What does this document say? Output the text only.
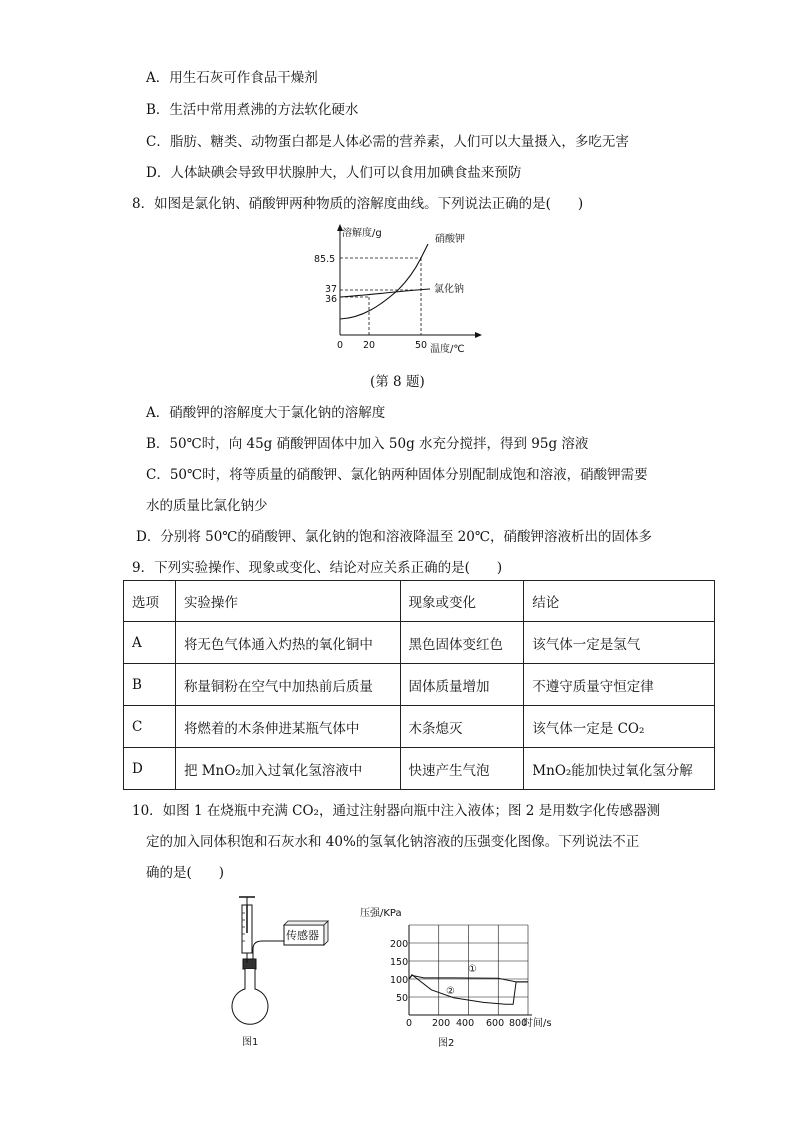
A．用生石灰可作食品干燥剂
B．生活中常用煮沸的方法软化硬水
C．脂肪、糖类、动物蛋白都是人体必需的营养素，人们可以大量摄入，多吃无害
D．人体缺碘会导致甲状腺肿大，人们可以食用加碘食盐来预防
8．如图是氯化钠、硝酸钾两种物质的溶解度曲线。下列说法正确的是(　　)
溶解度/g
温度/℃
85.5
37
36
0 20	50
硝酸钾
氯化钠
(第 8 题)
A．硝酸钾的溶解度大于氯化钠的溶解度
B．50℃时，向 45g 硝酸钾固体中加入 50g 水充分搅拌，得到 95g 溶液
C．50℃时，将等质量的硝酸钾、氯化钠两种固体分别配制成饱和溶液，硝酸钾需要
水的质量比氯化钠少
D．分别将 50℃的硝酸钾、氯化钠的饱和溶液降温至 20℃，硝酸钾溶液析出的固体多
9．下列实验操作、现象或变化、结论对应关系正确的是(　　)
选项	实验操作	现象或变化	结论
A	将无色气体通入灼热的氧化铜中	黑色固体变红色	该气体一定是氢气
B	称量铜粉在空气中加热前后质量	固体质量增加	不遵守质量守恒定律
C	将燃着的木条伸进某瓶气体中	木条熄灭	该气体一定是 CO₂
D	把 MnO₂加入过氧化氢溶液中	快速产生气泡	MnO₂能加快过氧化氢分解
10．如图 1 在烧瓶中充满 CO₂，通过注射器向瓶中注入液体；图 2 是用数字化传感器测
定的加入同体积饱和石灰水和 40%的氢氧化钠溶液的压强变化图像。下列说法不正
确的是(　　)
传感器
图1
压强/KPa
时间/s
200
150
100
50
0 200 400 600 800
①
②
图2
